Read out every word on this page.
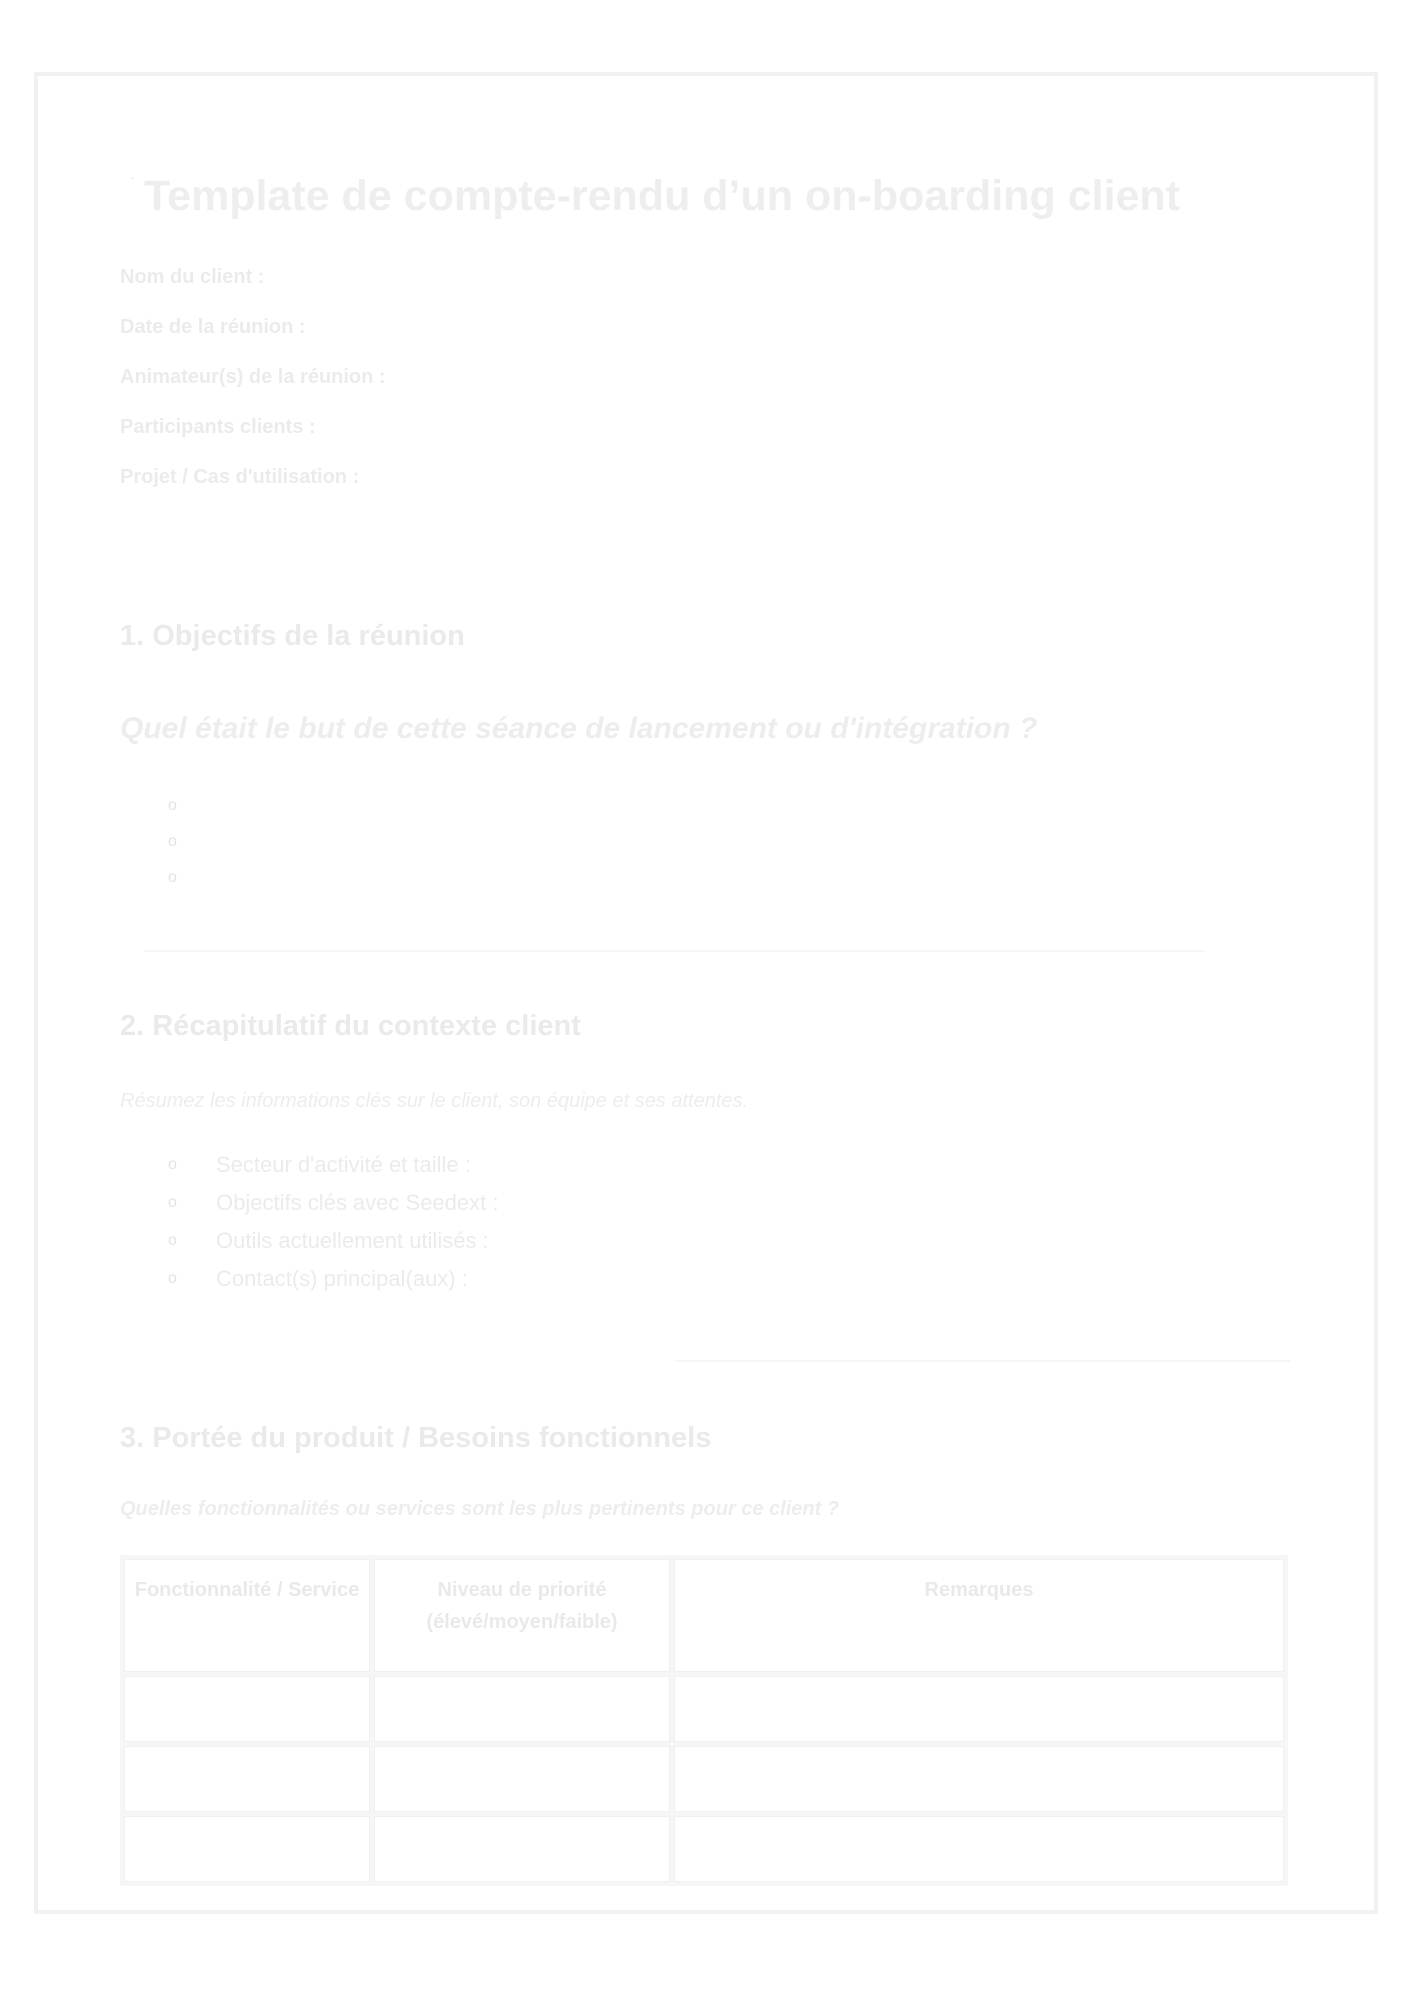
` Template de compte-rendu d’un on-boarding client
Nom du client :
Date de la réunion :
Animateur(s) de la réunion :
Participants clients :
Projet / Cas d'utilisation :
1. Objectifs de la réunion

Quel était le but de cette séance de lancement ou d'intégration ?

o
o
o
2. Récapitulatif du contexte client

Résumez les informations clés sur le client, son équipe et ses attentes.

o	Secteur d'activité et taille :
o	Objectifs clés avec Seedext :
o	Outils actuellement utilisés :
o	Contact(s) principal(aux) :
3. Portée du produit / Besoins fonctionnels

Quelles fonctionnalités ou services sont les plus pertinents pour ce client ?

Fonctionnalité / Service	Niveau de priorité (élevé/moyen/faible)	Remarques
